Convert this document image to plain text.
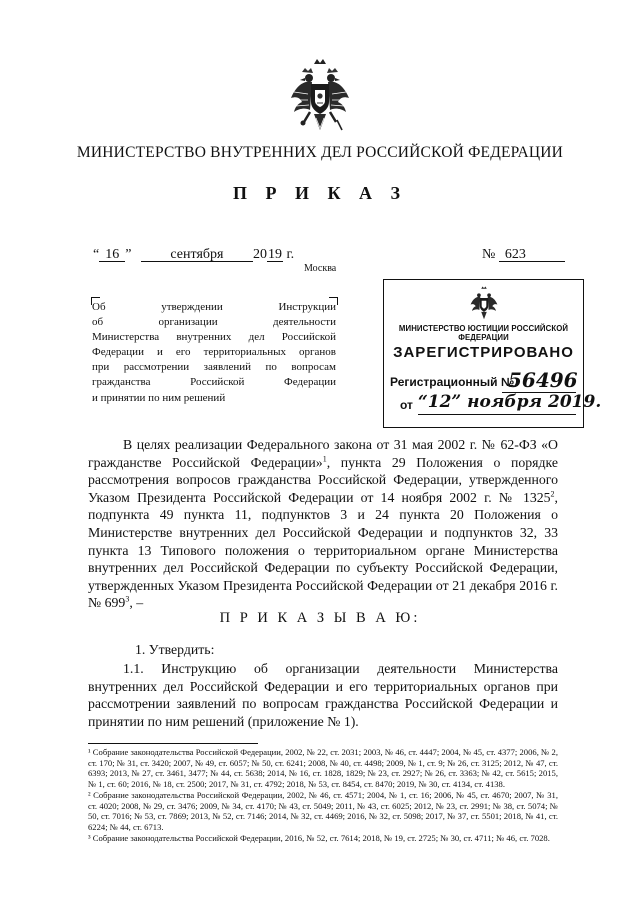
МИНИСТЕРСТВО ВНУТРЕННИХ ДЕЛ РОССИЙСКОЙ ФЕДЕРАЦИИ
П Р И К А З
“ 16 ”	сентября 2019 г.	№ 623
Москва
Об утверждении Инструкции
об организации деятельности
Министерства внутренних дел Российской
Федерации и его территориальных органов
при рассмотрении заявлений по вопросам
гражданства Российской Федерации
и принятии по ним решений
МИНИСТЕРСТВО ЮСТИЦИИ РОССИЙСКОЙ ФЕДЕРАЦИИ
ЗАРЕГИСТРИРОВАНО
Регистрационный №
56496
от “12” ноября 2019.

В целях реализации Федерального закона от 31 мая 2002 г. № 62-ФЗ «О гражданстве Российской Федерации»$^1$, пункта 29 Положения о порядке рассмотрения вопросов гражданства Российской Федерации, утвержденного Указом Президента Российской Федерации от 14 ноября 2002 г. № 1325$^2$, подпункта 49 пункта 11, подпунктов 3 и 24 пункта 20 Положения о Министерстве внутренних дел Российской Федерации и подпунктов 32, 33 пункта 13 Типового положения о территориальном органе Министерства внутренних дел Российской Федерации по субъекту Российской Федерации, утвержденных Указом Президента Российской Федерации от 21 декабря 2016 г. № $699^3$, –

П Р И К А З Ы В А Ю:
1. Утвердить:
1.1. Инструкцию об организации деятельности Министерства внутренних дел Российской Федерации и его территориальных органов при рассмотрении заявлений по вопросам гражданства Российской Федерации и принятии по ним решений (приложение № 1).

¹ Собрание законодательства Российской Федерации, 2002, № 22, ст. 2031; 2003, № 46, ст. 4447; 2004, № 45, ст. 4377; 2006, № 2, ст. 170; № 31, ст. 3420; 2007, № 49, ст. 6057; № 50, ст. 6241; 2008, № 40, ст. 4498; 2009, № 1, ст. 9; № 26, ст. 3125; 2012, № 47, ст. 6393; 2013, № 27, ст. 3461, 3477; № 44, ст. 5638; 2014, № 16, ст. 1828, 1829; № 23, ст. 2927; № 26, ст. 3363; № 42, ст. 5615; 2015, № 1, ст. 60; 2016, № 18, ст. 2500; 2017, № 31, ст. 4792; 2018, № 53, ст. 8454, ст. 8470; 2019, № 30, ст. 4134, ст. 4138.

² Собрание законодательства Российской Федерации, 2002, № 46, ст. 4571; 2004, № 1, ст. 16; 2006, № 45, ст. 4670; 2007, № 31, ст. 4020; 2008, № 29, ст. 3476; 2009, № 34, ст. 4170; № 43, ст. 5049; 2011, № 43, ст. 6025; 2012, № 23, ст. 2991; № 38, ст. 5074; № 50, ст. 7016; № 53, ст. 7869; 2013, № 52, ст. 7146; 2014, № 32, ст. 4469; 2016, № 32, ст. 5098; 2017, № 37, ст. 5501; 2018, № 41, ст. 6224; № 44, ст. 6713.

³ Собрание законодательства Российской Федерации, 2016, № 52, ст. 7614; 2018, № 19, ст. 2725; № 30, ст. 4711; № 46, ст. 7028.
